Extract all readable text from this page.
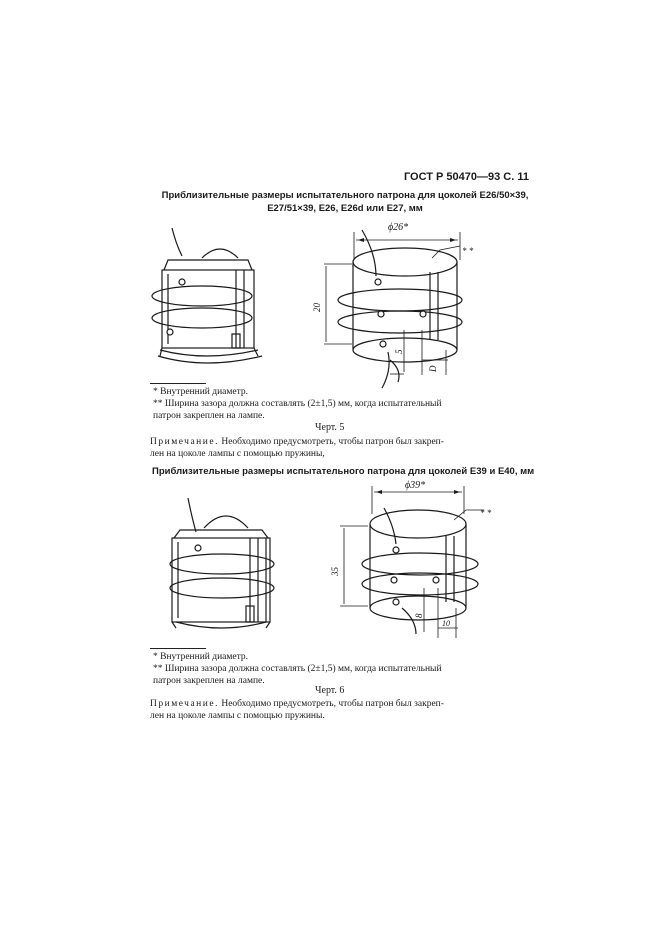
ГОСТ Р 50470—93 С. 11
Приблизительные размеры испытательного патрона для цоколей E26/50×39,
E27/51×39, E26, E26d или E27, мм
ϕ26*
* *
20
5
D
* Внутренний диаметр.
** Ширина зазора должна составлять (2±1,5) мм, когда испытательный
патрон закреплен на лампе.
Черт. 5
Примечание. Необходимо предусмотреть, чтобы патрон был закреп-
лен на цоколе лампы с помощью пружины,
Приблизительные размеры испытательного патрона для цоколей E39 и E40, мм
ϕ39*
* *
35
8
10
* Внутренний диаметр.
** Ширина зазора должна составлять (2±1,5) мм, когда испытательный
патрон закреплен на лампе.
Черт. 6
Примечание. Необходимо предусмотреть, чтобы патрон был закреп-
лен на цоколе лампы с помощью пружины.
